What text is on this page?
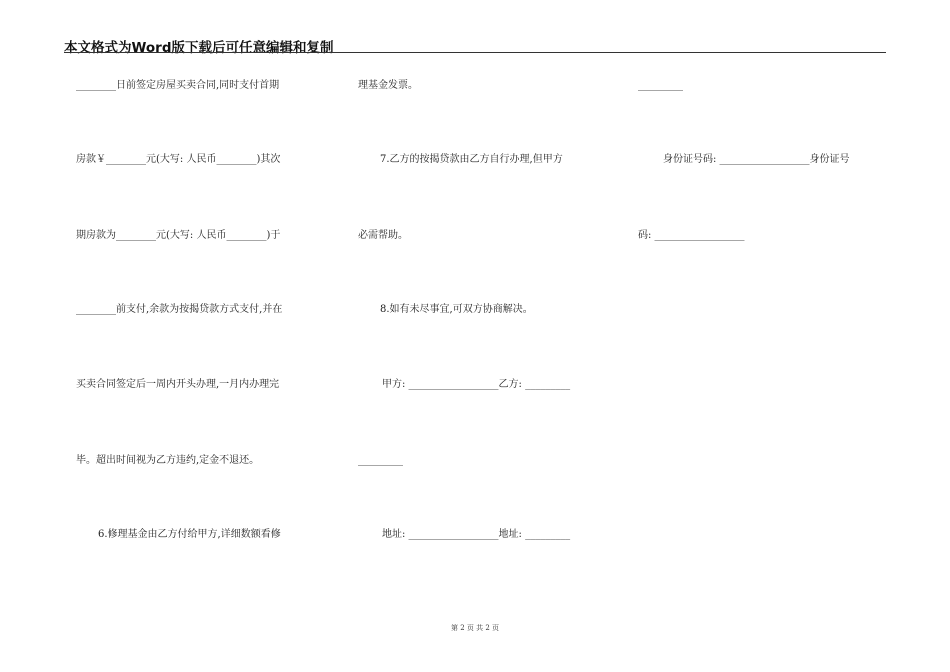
本文格式为Word版下载后可任意编辑和复制
________日前签定房屋买卖合同,同时支付首期
房款￥________元(大写: 人民币________)其次
期房款为________元(大写: 人民币________)于
________前支付,余款为按揭贷款方式支付,并在
买卖合同签定后一周内开头办理,一月内办理完
毕。超出时间视为乙方违约,定金不退还。
6.修理基金由乙方付给甲方,详细数额看修
理基金发票。
7.乙方的按揭贷款由乙方自行办理,但甲方
必需帮助。
8.如有未尽事宜,可双方协商解决。
甲方: __________________乙方: _________
_________
地址: __________________地址: _________
_________
身份证号码: __________________身份证号
码: __________________
第 2 页 共 2 页
